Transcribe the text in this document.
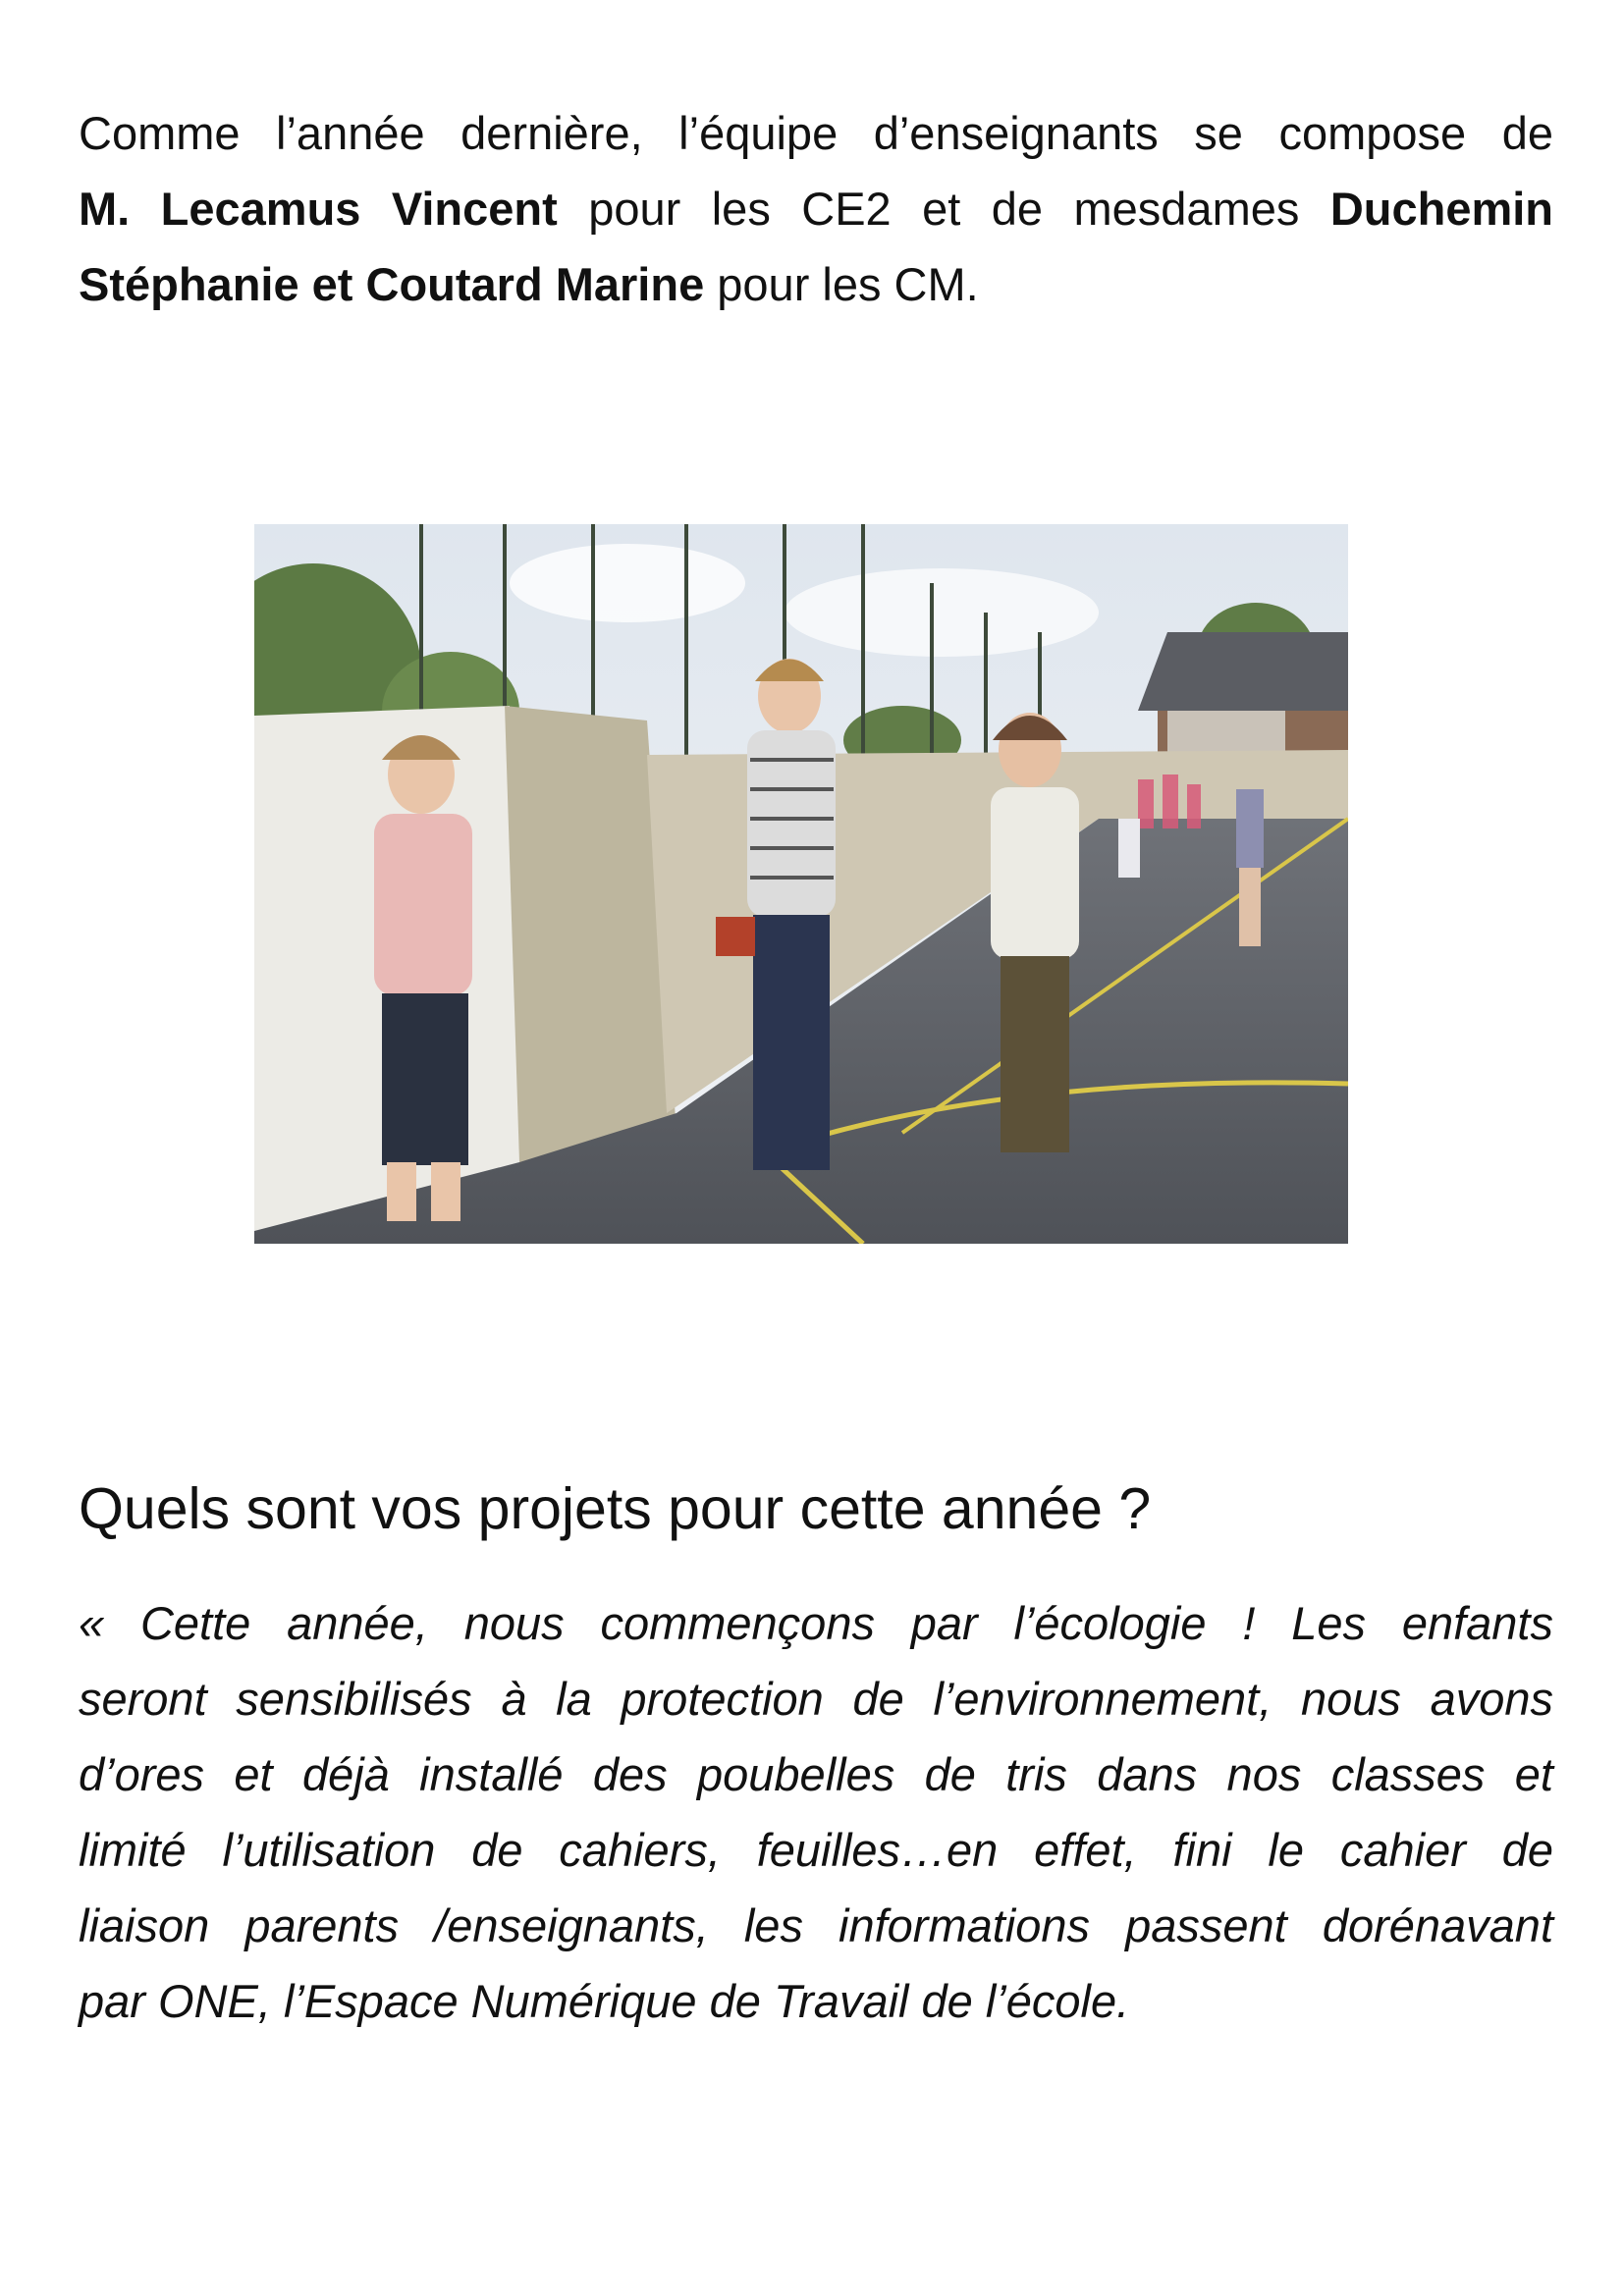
Comme l’année dernière, l’équipe d’enseignants se compose de
M. Lecamus Vincent pour les CE2 et de mesdames Duchemin
Stéphanie et Coutard Marine pour les CM.
Quels sont vos projets pour cette année ?
« Cette année, nous commençons par l’écologie ! Les enfants
seront sensibilisés à la protection de l’environnement, nous avons
d’ores et déjà installé des poubelles de tris dans nos classes et
limité l’utilisation de cahiers, feuilles…en effet, fini le cahier de
liaison parents /enseignants, les informations passent dorénavant
par ONE, l’Espace Numérique de Travail de l’école.
